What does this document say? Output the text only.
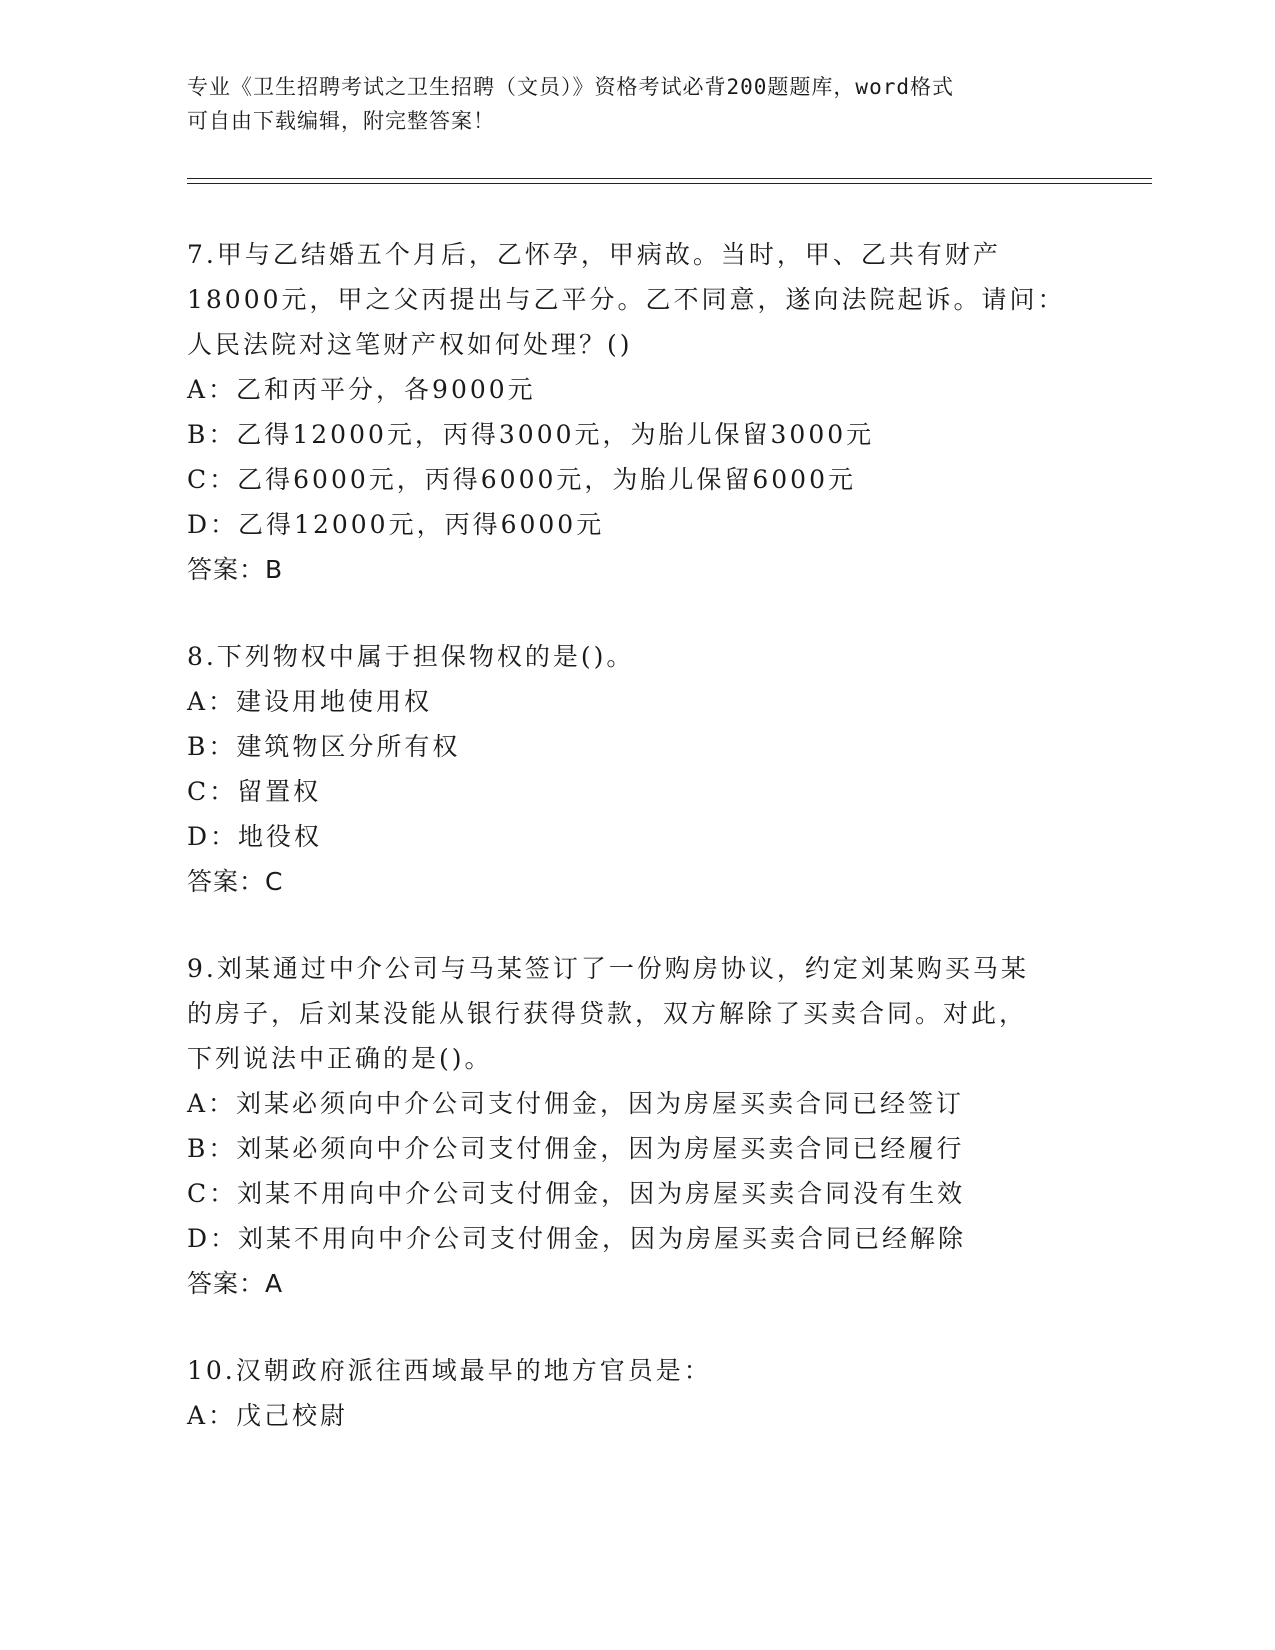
专业《卫生招聘考试之卫生招聘（文员）》资格考试必背200题题库，word格式
可自由下载编辑，附完整答案！
7.甲与乙结婚五个月后，乙怀孕，甲病故。当时，甲、乙共有财产
18000元，甲之父丙提出与乙平分。乙不同意，遂向法院起诉。请问：
人民法院对这笔财产权如何处理？()
A：乙和丙平分，各9000元
B：乙得12000元，丙得3000元，为胎儿保留3000元
C：乙得6000元，丙得6000元，为胎儿保留6000元
D：乙得12000元，丙得6000元
答案：B
8.下列物权中属于担保物权的是()。
A：建设用地使用权
B：建筑物区分所有权
C：留置权
D：地役权
答案：C
9.刘某通过中介公司与马某签订了一份购房协议，约定刘某购买马某
的房子，后刘某没能从银行获得贷款，双方解除了买卖合同。对此，
下列说法中正确的是()。
A：刘某必须向中介公司支付佣金，因为房屋买卖合同已经签订
B：刘某必须向中介公司支付佣金，因为房屋买卖合同已经履行
C：刘某不用向中介公司支付佣金，因为房屋买卖合同没有生效
D：刘某不用向中介公司支付佣金，因为房屋买卖合同已经解除
答案：A
10.汉朝政府派往西域最早的地方官员是：
A：戊己校尉
